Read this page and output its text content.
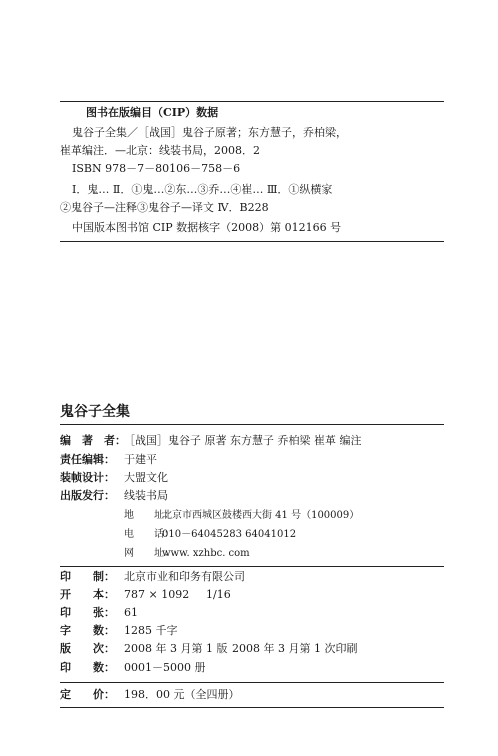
图书在版编目（CIP）数据
鬼谷子全集／［战国］鬼谷子原著；东方慧子，乔柏梁，
崔革编注．—北京：线装书局，2008．2
ISBN 978－7－80106－758－6
Ⅰ．鬼… Ⅱ．①鬼…②东…③乔…④崔… Ⅲ．①纵横家
②鬼谷子—注释③鬼谷子—译文 Ⅳ．B228
中国版本图书馆 CIP 数据核字（2008）第 012166 号
鬼谷子全集
编　著　者：
［战国］鬼谷子 原著 东方慧子 乔柏梁 崔革 编注
责任编辑： 于建平
装帧设计： 大盟文化
出版发行： 线装书局
地　　址：
北京市西城区鼓楼西大街 41 号（100009）
电　　话：
010－64045283 64041012
网　　址：
www. xzhbc. com
印　　制： 北京市业和印务有限公司
开　　本： 787 × 1092 1/16
印　　张： 61
字　　数： 1285 千字
版　　次： 2008 年 3 月第 1 版 2008 年 3 月第 1 次印刷
印　　数： 0001－5000 册
定　　价： 198．00 元（全四册）
